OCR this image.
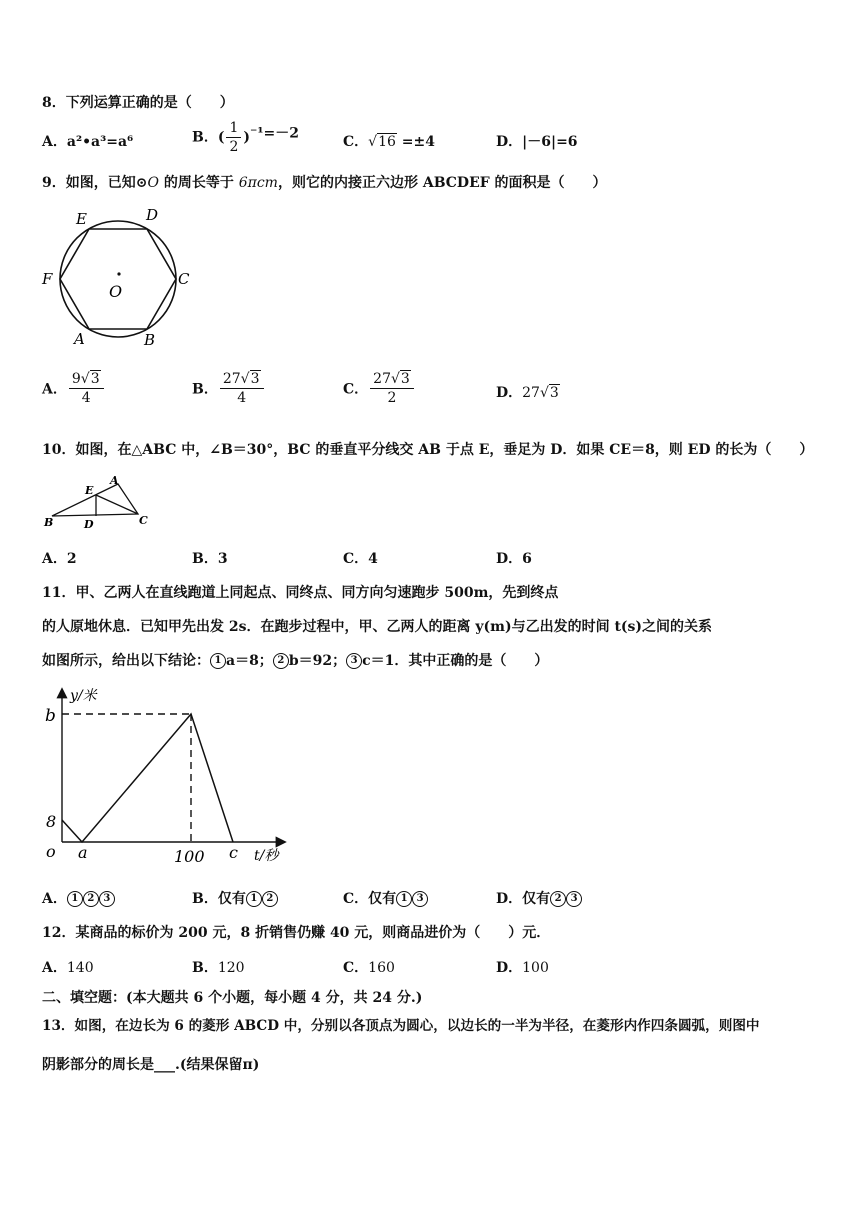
8．下列运算正确的是（　　）
A．a²•a³=a⁶	B．( $\frac{1}{2} )^{-1}=-2$
C．√16 =±4	D．|－6|=6
9．如图，已知⊙O 的周长等于 6πcm，则它的内接正六边形 ABCDEF 的面积是（　　）
E	D
F	C
O
A	B
A． $\frac{9√3}{4}$	B． $\frac{27√3}{4}$	C． $\frac{27√3}{2}$	D．27√3
10．如图，在△ABC 中，∠B＝30°，BC 的垂直平分线交 AB 于点 E，垂足为 D．如果 CE＝8，则 ED 的长为（　　）
A
E
B	D	C
A．2	B．3	C．4	D．6
11．甲、乙两人在直线跑道上同起点、同终点、同方向匀速跑步 500m，先到终点
的人原地休息．已知甲先出发 2s．在跑步过程中，甲、乙两人的距离 y(m)与乙出发的时间 t(s)之间的关系
如图所示，给出以下结论： 1 a＝8； 2 b＝92； 3 c＝1．其中正确的是（　　）
y/米
b
8
o a	100 c t/秒
A． 1 2 3	B．仅有 1 2	C．仅有 1 3	D．仅有 2 3
12．某商品的标价为 200 元，8 折销售仍赚 40 元，则商品进价为（　　）元．
A．140	B．120	C．160	D．100
二、填空题：(本大题共 6 个小题，每小题 4 分，共 24 分.)
13．如图，在边长为 6 的菱形 ABCD 中，分别以各顶点为圆心，以边长的一半为半径，在菱形内作四条圆弧，则图中
阴影部分的周长是___.(结果保留π)
